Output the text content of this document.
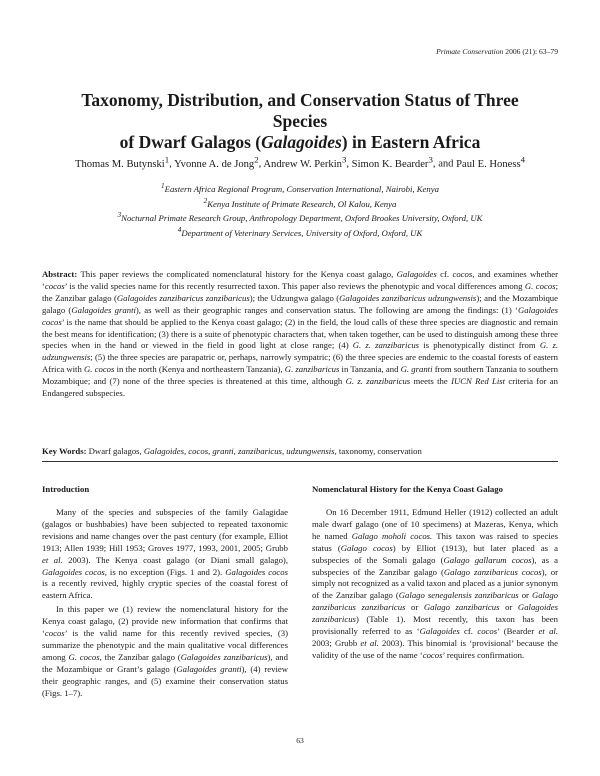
Primate Conservation 2006 (21): 63–79
Taxonomy, Distribution, and Conservation Status of Three Species
of Dwarf Galagos (Galagoides) in Eastern Africa
Thomas M. Butynski$^1$, Yvonne A. de Jong$^2$, Andrew W. Perkin$^3$, Simon K. Bearder$^3$, and Paul E. Honess$^4$
$^1$Eastern Africa Regional Program, Conservation International, Nairobi, Kenya
$^2$Kenya Institute of Primate Research, Ol Kalou, Kenya
$^3$Nocturnal Primate Research Group, Anthropology Department, Oxford Brookes University, Oxford, UK
$^4$Department of Veterinary Services, University of Oxford, Oxford, UK

Abstract: This paper reviews the complicated nomenclatural history for the Kenya coast galago, Galagoides cf. cocos, and examines whether ‘cocos’ is the valid species name for this recently resurrected taxon. This paper also reviews the phenotypic and vocal differences among G. cocos; the Zanzibar galago (Galagoides zanzibaricus zanzibaricus); the Udzungwa galago (Galagoides zanzibaricus udzungwensis); and the Mozambique galago (Galagoides granti), as well as their geographic ranges and conservation status. The following are among the findings: (1) ‘Galagoides cocos’ is the name that should be applied to the Kenya coast galago; (2) in the field, the loud calls of these three species are diagnostic and remain the best means for identification; (3) there is a suite of phenotypic characters that, when taken together, can be used to distinguish among these three species when in the hand or viewed in the field in good light at close range; (4) G. z. zanzibaricus is phenotypically distinct from G. z. udzungwensis; (5) the three species are parapatric or, perhaps, narrowly sympatric; (6) the three species are endemic to the coastal forests of eastern Africa with G. cocos in the north (Kenya and northeastern Tanzania), G. zanzibaricus in Tanzania, and G. granti from southern Tanzania to southern Mozambique; and (7) none of the three species is threatened at this time, although G. z. zanzibaricus meets the IUCN Red List criteria for an Endangered subspecies.

Key Words: Dwarf galagos, Galagoides, cocos, granti, zanzibaricus, udzungwensis, taxonomy, conservation

Introduction

Many of the species and subspecies of the family Galagidae (galagos or bushbabies) have been subjected to repeated taxonomic revisions and name changes over the past century (for example, Elliot 1913; Allen 1939; Hill 1953; Groves 1977, 1993, 2001, 2005; Grubb et al. 2003). The Kenya coast galago (or Diani small galago), Galagoides cocos, is no exception (Figs. 1 and 2). Galagoides cocos is a recently revived, highly cryptic species of the coastal forest of eastern Africa.

In this paper we (1) review the nomenclatural history for the Kenya coast galago, (2) provide new information that confirms that ‘cocos’ is the valid name for this recently revived species, (3) summarize the phenotypic and the main qualitative vocal differences among G. cocos, the Zanzibar galago (Galagoides zanzibaricus), and the Mozambique or Grant’s galago (Galagoides granti), (4) review their geographic ranges, and (5) examine their conservation status (Figs. 1–7).

Nomenclatural History for the Kenya Coast Galago

On 16 December 1911, Edmund Heller (1912) collected an adult male dwarf galago (one of 10 specimens) at Mazeras, Kenya, which he named Galago moholi cocos. This taxon was raised to species status (Galago cocos) by Elliot (1913), but later placed as a subspecies of the Somali galago (Galago gallarum cocos), as a subspecies of the Zanzibar galago (Galago zanzibaricus cocos), or simply not recognized as a valid taxon and placed as a junior synonym of the Zanzibar galago (Galago senegalensis zanzibaricus or Galago zanzibaricus zanzibaricus or Galago zanzibaricus or Galagoides zanzibaricus) (Table 1). Most recently, this taxon has been provisionally referred to as ‘Galagoides cf. cocos’ (Bearder et al. 2003; Grubb et al. 2003). This binomial is ‘provisional’ because the validity of the use of the name ‘cocos’ requires confirmation.

63
